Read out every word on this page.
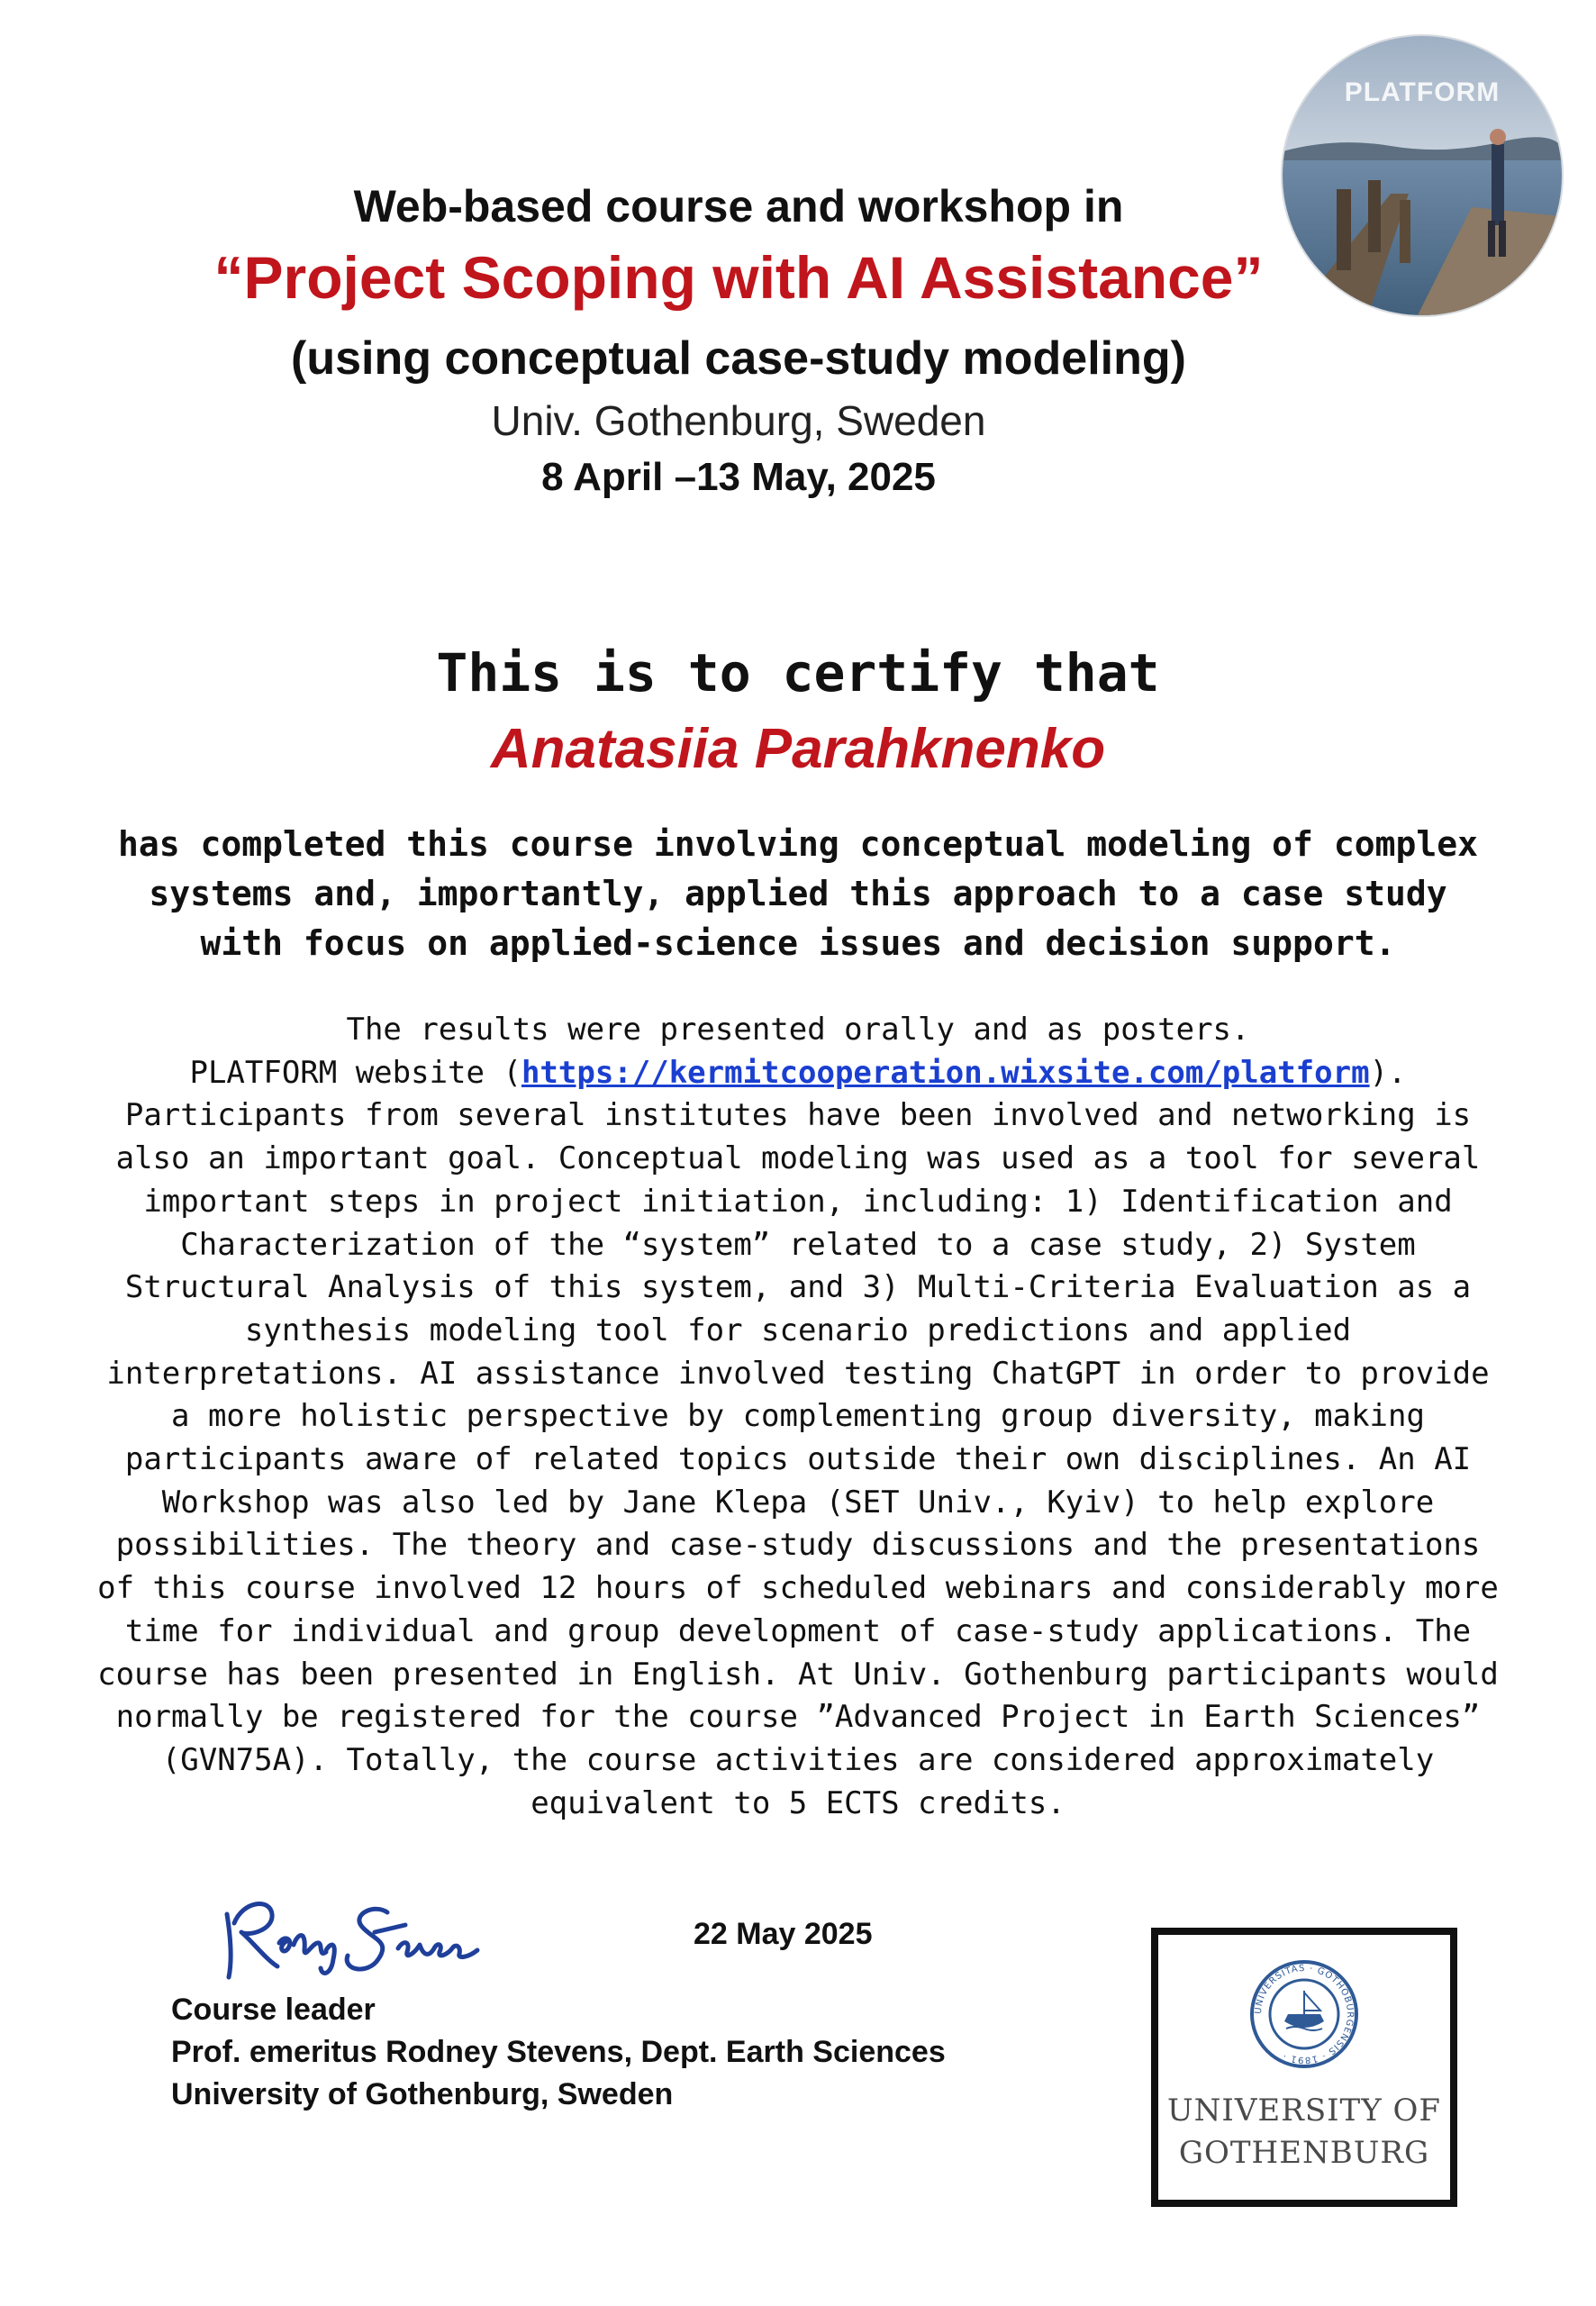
Web-based course and workshop in
“Project Scoping with AI Assistance”
(using conceptual case-study modeling)
Univ. Gothenburg, Sweden
8 April –13 May, 2025
PLATFORM
This is to certify that
Anatasiia Parahknenko
has completed this course involving conceptual modeling of complex systems and, importantly, applied this approach to a case study with focus on applied-science issues and decision support.
The results were presented orally and as posters.
PLATFORM website (https://kermitcooperation.wixsite.com/platform).
Participants from several institutes have been involved and networking is also an important goal. Conceptual modeling was used as a tool for several important steps in project initiation, including: 1) Identification and Characterization of the “system” related to a case study, 2) System Structural Analysis of this system, and 3) Multi-Criteria Evaluation as a synthesis modeling tool for scenario predictions and applied interpretations. AI assistance involved testing ChatGPT in order to provide a more holistic perspective by complementing group diversity, making participants aware of related topics outside their own disciplines. An AI Workshop was also led by Jane Klepa (SET Univ., Kyiv) to help explore possibilities. The theory and case-study discussions and the presentations of this course involved 12 hours of scheduled webinars and considerably more time for individual and group development of case-study applications. The course has been presented in English. At Univ. Gothenburg participants would normally be registered for the course ”Advanced Project in Earth Sciences” (GVN75A). Totally, the course activities are considered approximately equivalent to 5 ECTS credits.
22 May 2025
Course leader
Prof. emeritus Rodney Stevens, Dept. Earth Sciences
University of Gothenburg, Sweden
UNIVERSITAS · GOTHOBURGENSIS · 1891 ·
UNIVERSITY OF
GOTHENBURG
